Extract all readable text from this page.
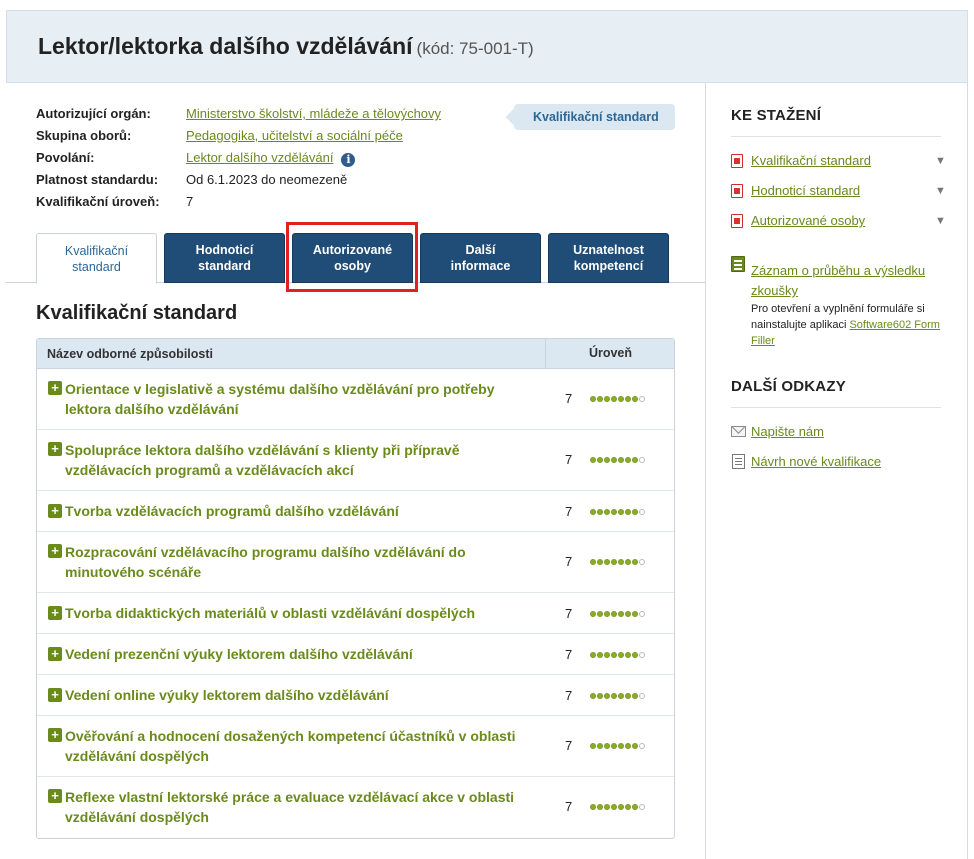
Lektor/lektorka dalšího vzdělávání (kód: 75-001-T)
Autorizující orgán:	Ministerstvo školství, mládeže a tělovýchovy
Skupina oborů:	Pedagogika, učitelství a sociální péče
Povolání:	Lektor dalšího vzdělávání i
Platnost standardu: Od 6.1.2023 do neomezeně
Kvalifikační úroveň: 7
Kvalifikační standard
Kvalifikační standard
Hodnoticí standard
Autorizované osoby
Další informace
Uznatelnost kompetencí
Kvalifikační standard
Název odborné způsobilosti	Úroveň
+ Orientace v legislativě a systému dalšího vzdělávání pro potřeby lektora dalšího vzdělávání
7
+ Spolupráce lektora dalšího vzdělávání s klienty při přípravě vzdělávacích programů a vzdělávacích akcí
7
+ Tvorba vzdělávacích programů dalšího vzdělávání	7
+ Rozpracování vzdělávacího programu dalšího vzdělávání do minutového scénáře
7
+ Tvorba didaktických materiálů v oblasti vzdělávání dospělých	7
+ Vedení prezenční výuky lektorem dalšího vzdělávání	7
+ Vedení online výuky lektorem dalšího vzdělávání	7
+ Ověřování a hodnocení dosažených kompetencí účastníků v oblasti vzdělávání dospělých
7
+ Reflexe vlastní lektorské práce a evaluace vzdělávací akce v oblasti vzdělávání dospělých
7
KE STAŽENÍ
Kvalifikační standard	▼
Hodnoticí standard	▼
Autorizované osoby	▼
Záznam o průběhu a výsledku zkoušky
Pro otevření a vyplnění formuláře si nainstalujte aplikaci Software602 Form Filler
DALŠÍ ODKAZY
Napište nám
Návrh nové kvalifikace
